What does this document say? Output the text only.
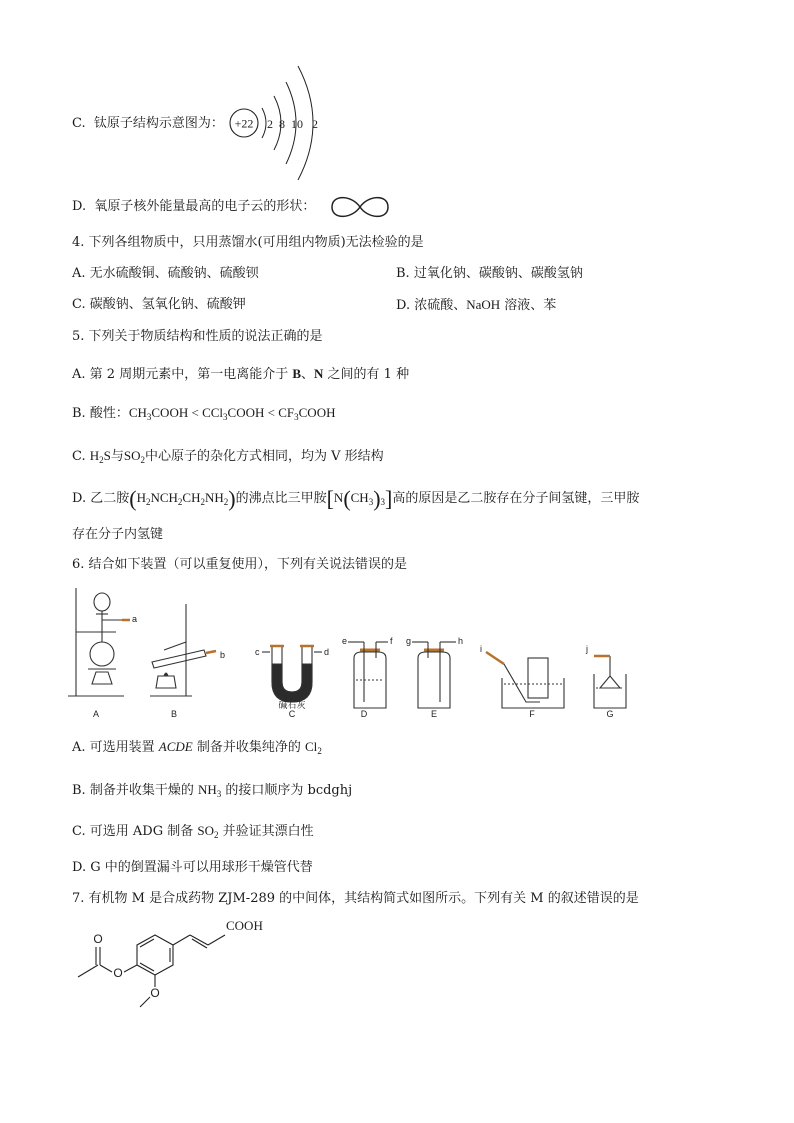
C. 钛原子结构示意图为： +22 2 8 10 2
D. 氧原子核外能量最高的电子云的形状：
4. 下列各组物质中，只用蒸馏水(可用组内物质)无法检验的是
A. 无水硫酸铜、硫酸钠、硫酸钡	B. 过氧化钠、碳酸钠、碳酸氢钠
C. 碳酸钠、氢氧化钠、硫酸钾	D. 浓硫酸、NaOH 溶液、苯
5. 下列关于物质结构和性质的说法正确的是
A. 第 2 周期元素中，第一电离能介于 B、N 之间的有 1 种
B. 酸性：$CH_3COOH$ < CCl$_3$COOH < $CF_3COOH$
C. $H_2S$与$SO_2$中心原子的杂化方式相同，均为 V 形结构
D. 乙二胺$(H_2NCH_2CH_2NH_2)$的沸点比三甲胺$[N(CH_3)_3]$高的原因是乙二胺存在分子间氢键，三甲胺
存在分子内氢键
6. 结合如下装置（可以重复使用），下列有关说法错误的是
A	B	C	D	E	F	G
a
b	c	d
e	f g	h
i	j
碱石灰
A. 可选用装置 ACDE 制备并收集纯净的 $Cl_2$
B. 制备并收集干燥的 $NH_3$ 的接口顺序为 bcdghj
C. 可选用 ADG 制备 $SO_2$ 并验证其漂白性
D. G 中的倒置漏斗可以用球形干燥管代替
7. 有机物 M 是合成药物 ZJM-289 的中间体，其结构简式如图所示。下列有关 M 的叙述错误的是
O
O
O
COOH
